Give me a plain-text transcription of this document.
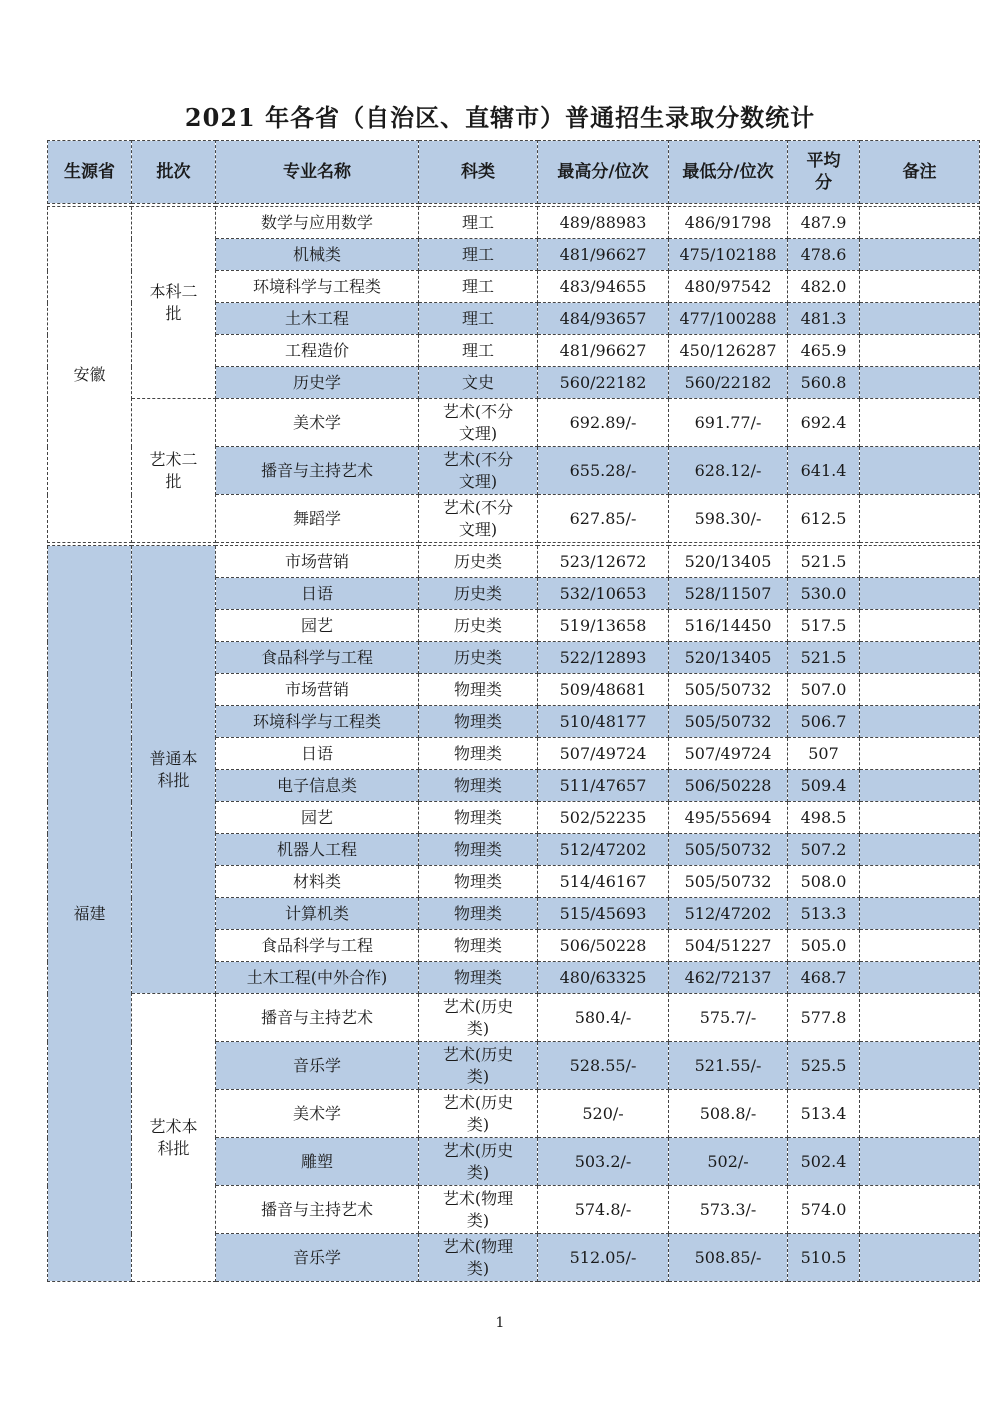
2021 年各省（自治区、直辖市）普通招生录取分数统计
生源省	批次	专业名称	科类	最高分/位次	最低分/位次	平均分	备注

安徽	本科二批	数学与应用数学	理工	489/88983	486/91798	487.9	
		机械类	理工	481/96627	475/102188	478.6	
		环境科学与工程类	理工	483/94655	480/97542	482.0	
		土木工程	理工	484/93657	477/100288	481.3	
		工程造价	理工	481/96627	450/126287	465.9	
		历史学	文史	560/22182	560/22182	560.8	
	艺术二批	美术学	艺术(不分文理)	692.89/-	691.77/-	692.4	
		播音与主持艺术	艺术(不分文理)	655.28/-	628.12/-	641.4	
		舞蹈学	艺术(不分文理)	627.85/-	598.30/-	612.5	

福建	普通本科批	市场营销	历史类	523/12672	520/13405	521.5	
		日语	历史类	532/10653	528/11507	530.0	
		园艺	历史类	519/13658	516/14450	517.5	
		食品科学与工程	历史类	522/12893	520/13405	521.5	
		市场营销	物理类	509/48681	505/50732	507.0	
		环境科学与工程类	物理类	510/48177	505/50732	506.7	
		日语	物理类	507/49724	507/49724	507	
		电子信息类	物理类	511/47657	506/50228	509.4	
		园艺	物理类	502/52235	495/55694	498.5	
		机器人工程	物理类	512/47202	505/50732	507.2	
		材料类	物理类	514/46167	505/50732	508.0	
		计算机类	物理类	515/45693	512/47202	513.3	
		食品科学与工程	物理类	506/50228	504/51227	505.0	
		土木工程(中外合作)	物理类	480/63325	462/72137	468.7	
	艺术本科批	播音与主持艺术	艺术(历史类)	580.4/-	575.7/-	577.8	
		音乐学	艺术(历史类)	528.55/-	521.55/-	525.5	
		美术学	艺术(历史类)	520/-	508.8/-	513.4	
		雕塑	艺术(历史类)	503.2/-	502/-	502.4	
		播音与主持艺术	艺术(物理类)	574.8/-	573.3/-	574.0	
		音乐学	艺术(物理类)	512.05/-	508.85/-	510.5	
1
